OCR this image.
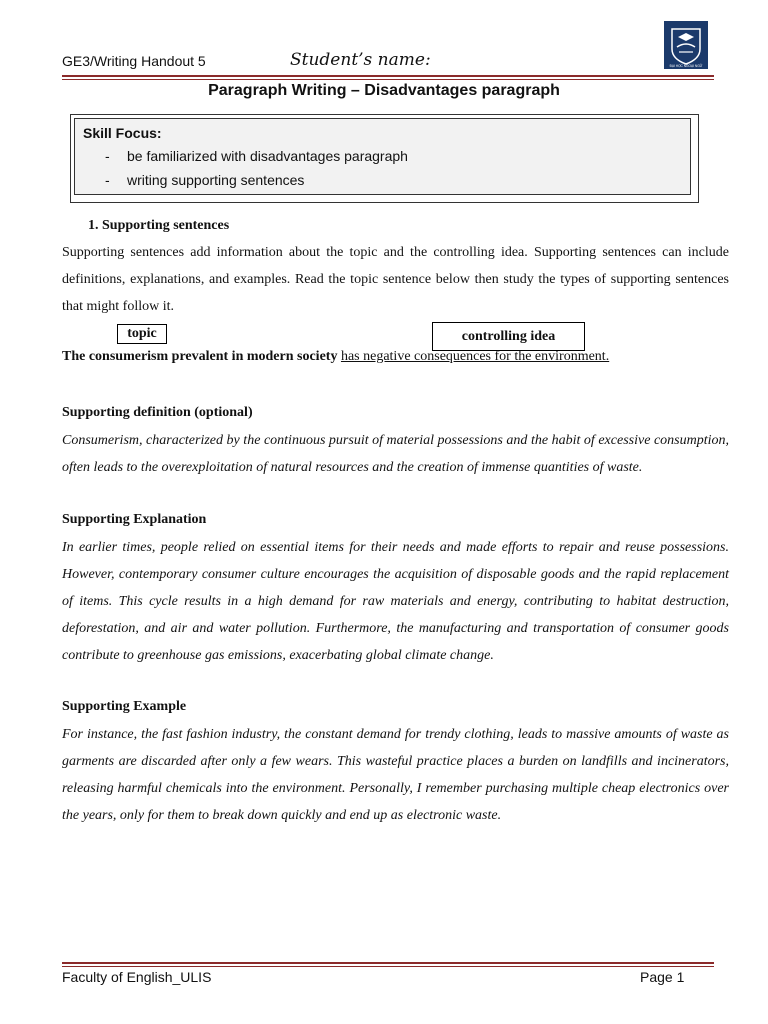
GE3/Writing Handout 5	Student’s name:	ĐẠI HỌC NGOẠI NGỮ
Paragraph Writing – Disadvantages paragraph
Skill Focus:
- be familiarized with disadvantages paragraph
- writing supporting sentences
1. Supporting sentences
Supporting sentences add information about the topic and the controlling idea. Supporting sentences can include definitions, explanations, and examples. Read the topic sentence below then study the types of supporting sentences that might follow it.
topic	controlling idea
The consumerism prevalent in modern society has negative consequences for the environment.
Supporting definition (optional)
Consumerism, characterized by the continuous pursuit of material possessions and the habit of excessive consumption, often leads to the overexploitation of natural resources and the creation of immense quantities of waste.
Supporting Explanation
In earlier times, people relied on essential items for their needs and made efforts to repair and reuse possessions. However, contemporary consumer culture encourages the acquisition of disposable goods and the rapid replacement of items. This cycle results in a high demand for raw materials and energy, contributing to habitat destruction, deforestation, and air and water pollution. Furthermore, the manufacturing and transportation of consumer goods contribute to greenhouse gas emissions, exacerbating global climate change.
Supporting Example
For instance, the fast fashion industry, the constant demand for trendy clothing, leads to massive amounts of waste as garments are discarded after only a few wears. This wasteful practice places a burden on landfills and incinerators, releasing harmful chemicals into the environment. Personally, I remember purchasing multiple cheap electronics over the years, only for them to break down quickly and end up as electronic waste.
Faculty of English_ULIS	Page 1
